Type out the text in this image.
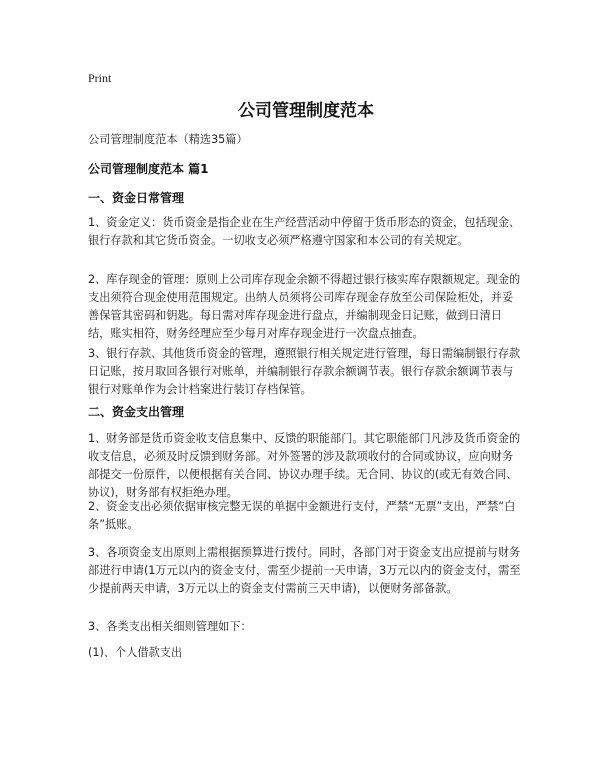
Print
公司管理制度范本
公司管理制度范本（精选35篇）
公司管理制度范本 篇1
一、资金日常管理
1、资金定义：货币资金是指企业在生产经营活动中停留于货币形态的资金，包括现金、银行存款和其它货币资金。一切收支必须严格遵守国家和本公司的有关规定。
2、库存现金的管理：原则上公司库存现金余额不得超过银行核实库存限额规定。现金的支出须符合现金使用范围规定。出纳人员须将公司库存现金存放至公司保险柜处，并妥善保管其密码和钥匙。每日需对库存现金进行盘点，并编制现金日记账，做到日清日结，账实相符，财务经理应至少每月对库存现金进行一次盘点抽查。
3、银行存款、其他货币资金的管理，遵照银行相关规定进行管理，每日需编制银行存款日记账，按月取回各银行对账单，并编制银行存款余额调节表。银行存款余额调节表与银行对账单作为会计档案进行装订存档保管。
二、资金支出管理
1、财务部是货币资金收支信息集中、反馈的职能部门。其它职能部门凡涉及货币资金的收支信息，必须及时反馈到财务部。对外签署的涉及款项收付的合同或协议，应向财务部提交一份原件，以便根据有关合同、协议办理手续。无合同、协议的(或无有效合同、协议)，财务部有权拒绝办理。
2、资金支出必须依据审核完整无误的单据中金额进行支付，严禁“无票”支出，严禁“白条”抵账。
3、各项资金支出原则上需根据预算进行拨付。同时，各部门对于资金支出应提前与财务部进行申请(1万元以内的资金支付，需至少提前一天申请，3万元以内的资金支付，需至少提前两天申请，3万元以上的资金支付需前三天申请)，以便财务部备款。
3、各类支出相关细则管理如下：
(1)、个人借款支出
